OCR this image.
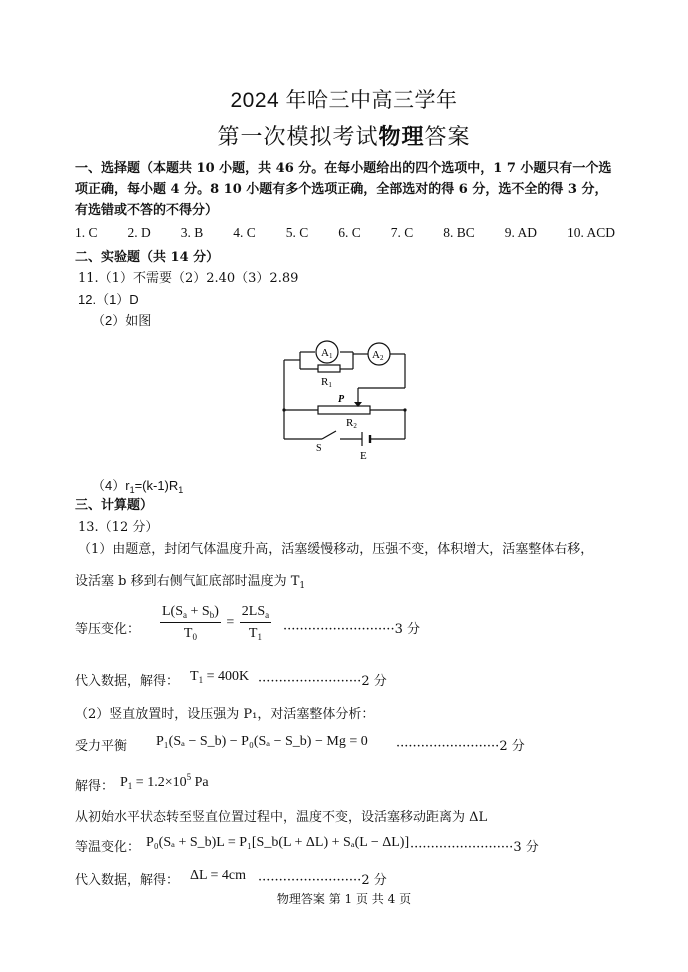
2024 年哈三中高三学年
第一次模拟考试物理答案
一、选择题（本题共 10 小题，共 46 分。在每小题给出的四个选项中，1 7 小题只有一个选项正确，每小题 4 分。8 10 小题有多个选项正确，全部选对的得 6 分，选不全的得 3 分，有选错或不答的不得分）
1. C 2. D 3. B 4. C 5. C 6. C 7. C 8. BC 9. AD 10. ACD
二、实验题（共 14 分）
11.（1）不需要（2）2.40（3）2.89
12.（1）D
（2）如图
A1
R1
A2
P
R2
E
S
$(4)r_1=(k-1)R_1$
三、计算题）
13.（12 分）
（1）由题意，封闭气体温度升高，活塞缓慢移动，压强不变，体积增大，活塞整体右移，
设活塞 b 移到右侧气缸底部时温度为 $T_1$
等压变化： $\frac{L(S_a + S_b)}{T_0} = \frac{2LS_a}{T_1} \cdot\cdot\cdot\cdot\cdot\cdot\cdot\cdot\cdot\cdot\cdot\cdot\cdot\cdot\cdot\cdot\cdot\cdot\cdot\cdot\cdot\cdot\cdot\cdot\cdot\cdot\cdot 3$ 分
代入数据，解得： $T_1 = 400K \cdot\cdot\cdot\cdot\cdot\cdot\cdot\cdot\cdot\cdot\cdot\cdot\cdot\cdot\cdot\cdot\cdot\cdot\cdot\cdot\cdot\cdot\cdot\cdot\cdot 2$ 分
（2）竖直放置时，设压强为 P₁，对活塞整体分析：
受力平衡 P₁(Sₐ − S_b) − P₀(Sₐ − S_b) − Mg = 0 ·························2 分
解得： $P_1 = 1.2\times 10^5$ Pa
从初始水平状态转至竖直位置过程中，温度不变，设活塞移动距离为 ΔL
等温变化： P₀(Sₐ + S_b)L = P₁[S_b(L + ΔL) + Sₐ(L − ΔL)] ·························3 分
代入数据，解得： ΔL = 4cm ·························2 分
物理答案 第 1 页 共 4 页
